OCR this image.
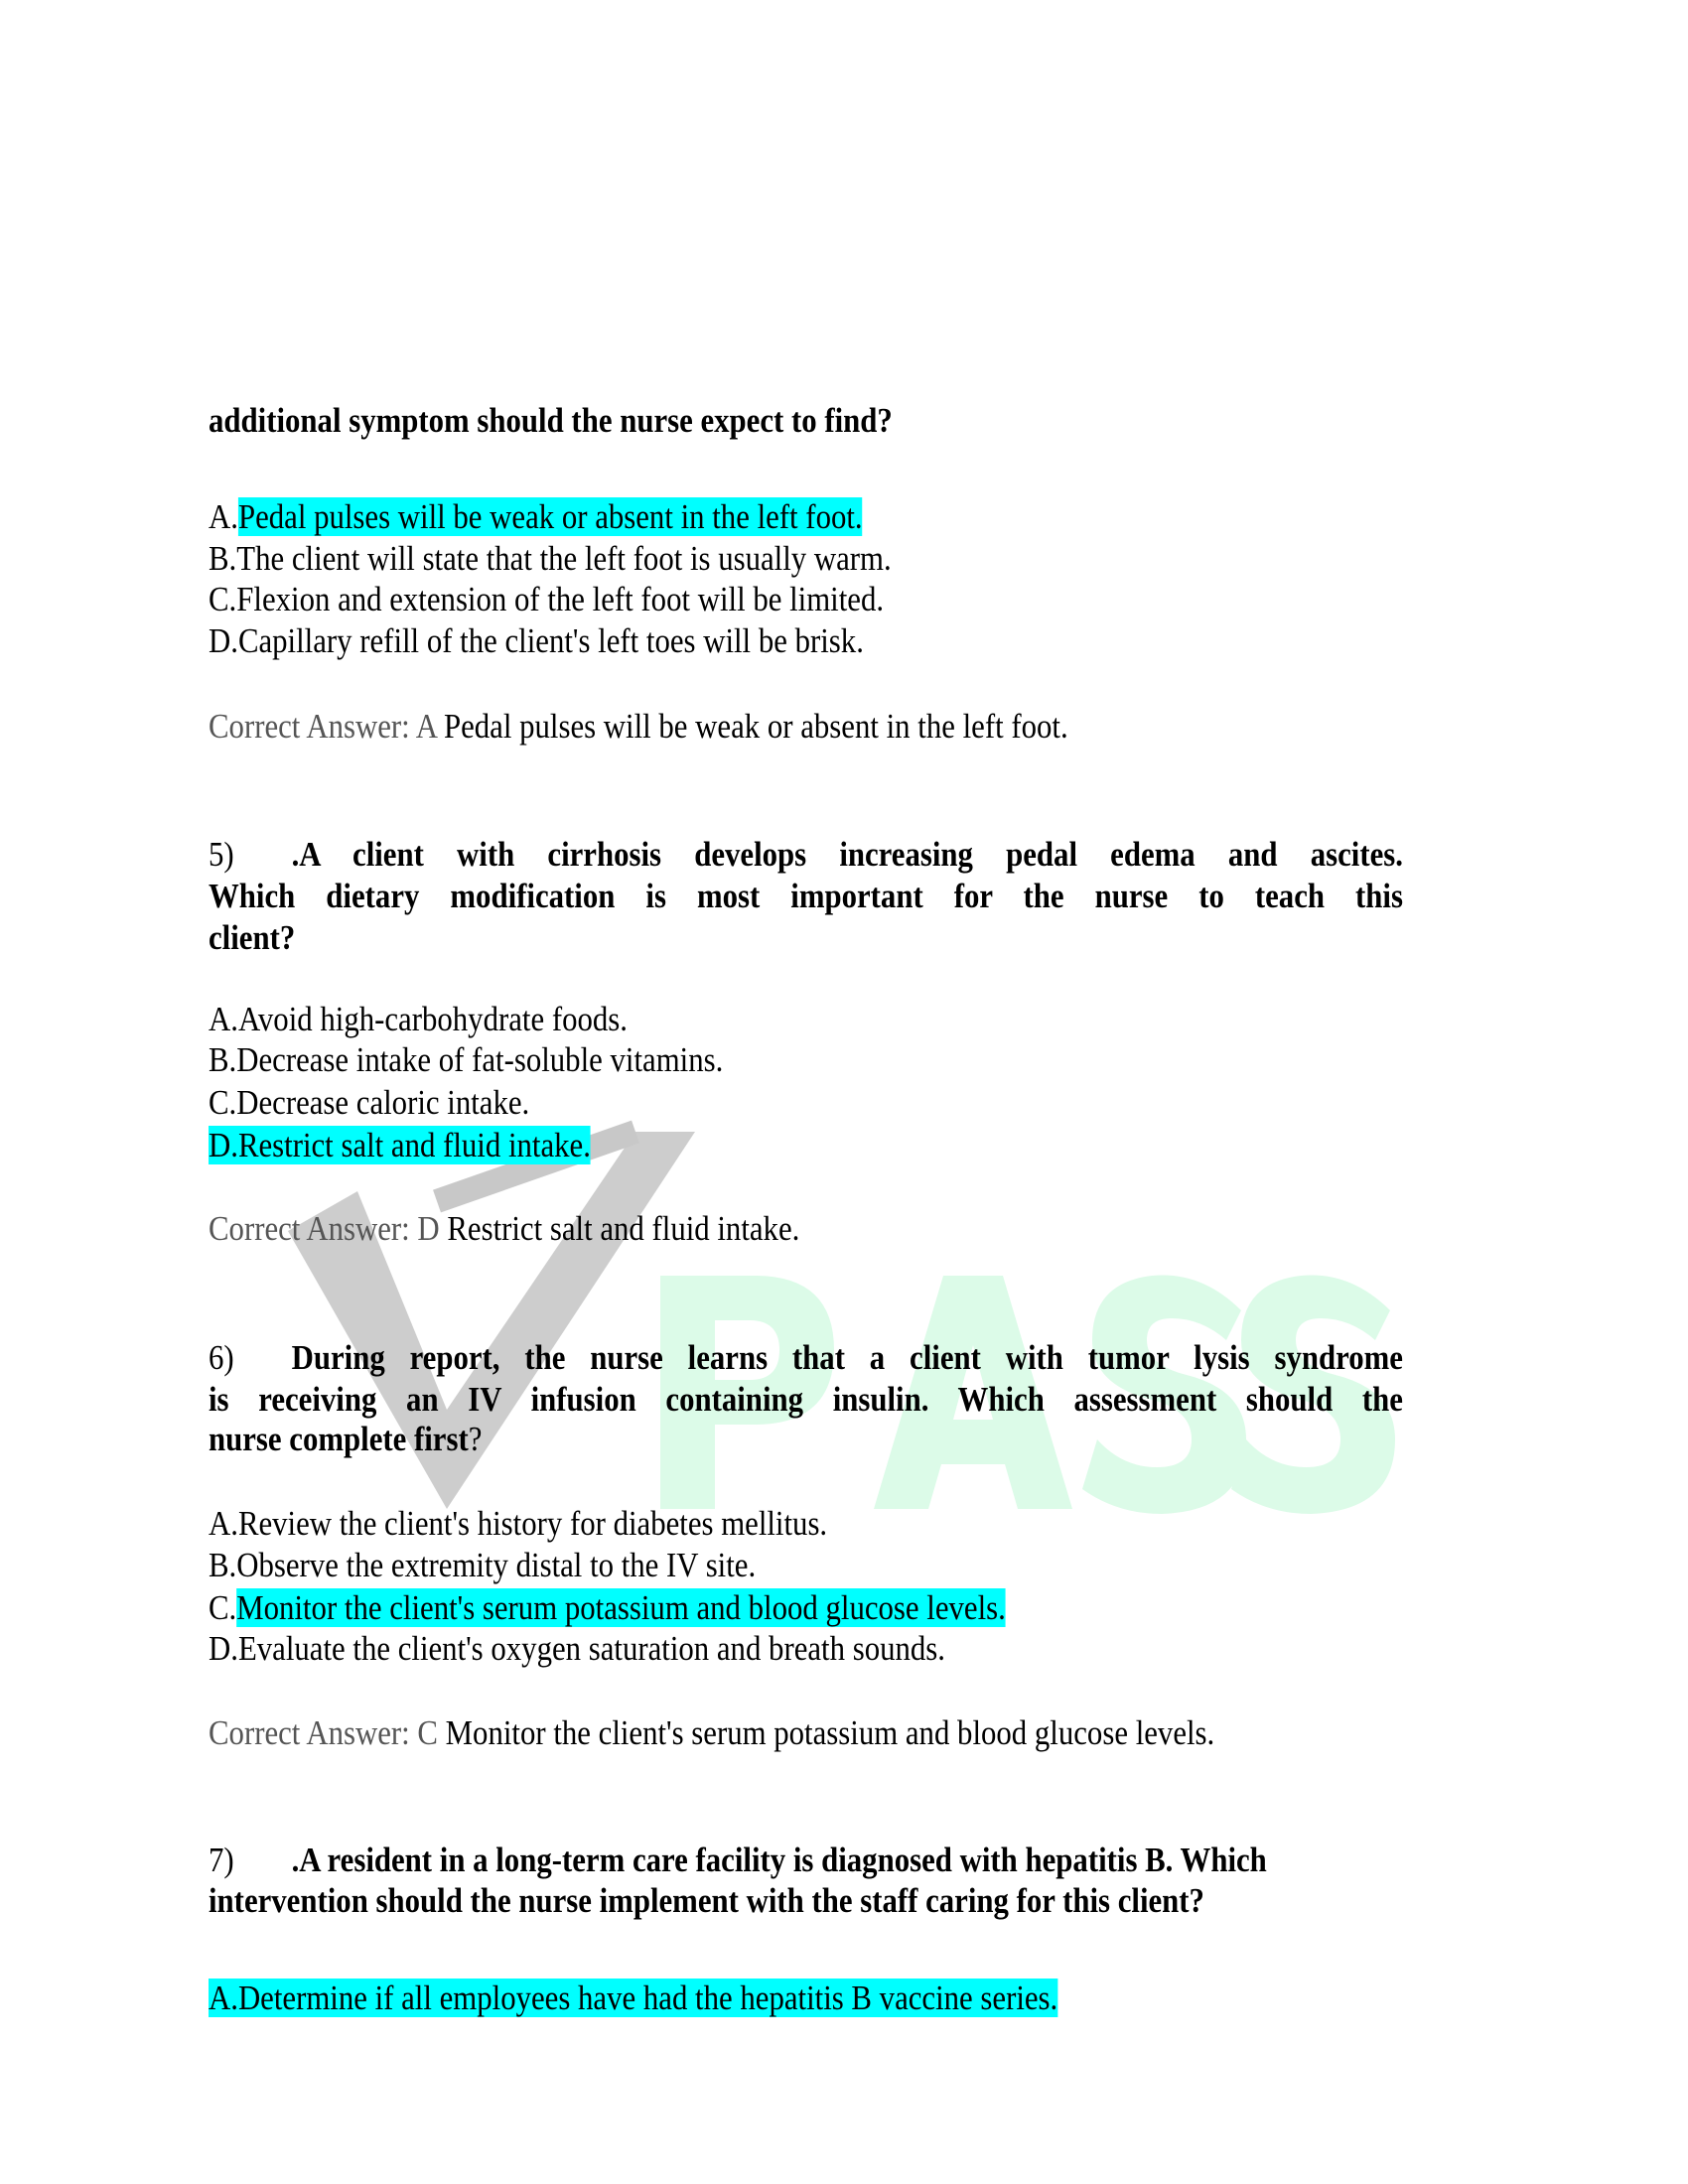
additional symptom should the nurse expect to find?
A.Pedal pulses will be weak or absent in the left foot.
B.The client will state that the left foot is usually warm.
C.Flexion and extension of the left foot will be limited.
D.Capillary refill of the client's left toes will be brisk.
Correct Answer: A Pedal pulses will be weak or absent in the left foot.
5) .A client with cirrhosis develops increasing pedal edema and ascites.
Which dietary modification is most important for the nurse to teach this
client?
A.Avoid high-carbohydrate foods.
B.Decrease intake of fat-soluble vitamins.
C.Decrease caloric intake.
D.Restrict salt and fluid intake.
Correct Answer: D Restrict salt and fluid intake.
6) During report, the nurse learns that a client with tumor lysis syndrome
is receiving an IV infusion containing insulin. Which assessment should the
nurse complete first?
A.Review the client's history for diabetes mellitus.
B.Observe the extremity distal to the IV site.
C.Monitor the client's serum potassium and blood glucose levels.
D.Evaluate the client's oxygen saturation and breath sounds.
Correct Answer: C Monitor the client's serum potassium and blood glucose levels.
7) .A resident in a long-term care facility is diagnosed with hepatitis B. Which
intervention should the nurse implement with the staff caring for this client?
A.Determine if all employees have had the hepatitis B vaccine series.
